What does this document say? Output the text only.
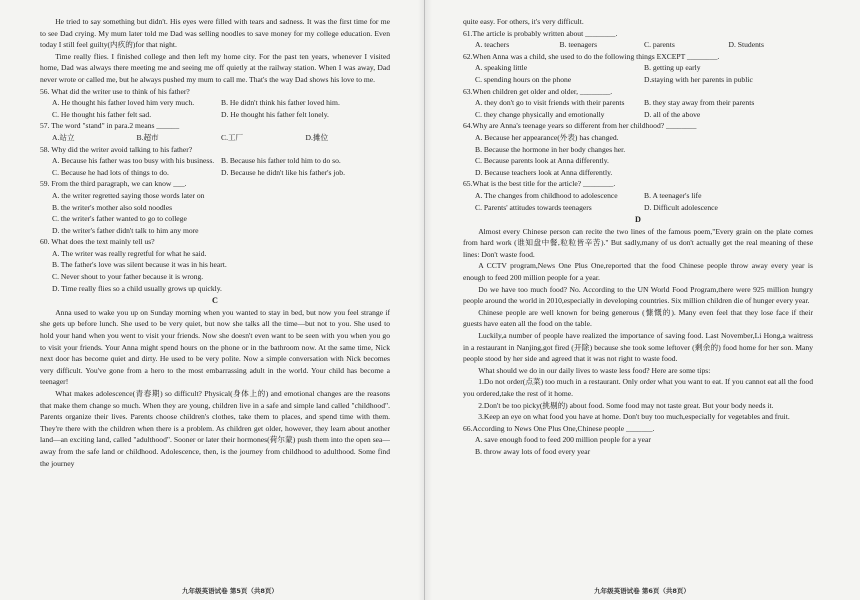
He tried to say something but didn't. His eyes were filled with tears and sadness. It was the first time for me to see Dad crying. My mum later told me Dad was selling noodles to save money for my college education. Even today I still feel guilty(内疚的)for that night.

Time really flies. I finished college and then left my home city. For the past ten years, whenever I visited home, Dad was always there meeting me and seeing me off quietly at the railway station. When I was away, Dad never wrote or called me, but he always pushed my mum to call me. That's the way Dad shows his love to me.

56. What did the writer use to think of his father?

A. He thought his father loved him very much.	B. He didn't think his father loved him.
C. He thought his father felt sad.	D. He thought his father felt lonely.

57. The word "stand" in para.2 means ______

A.站立	B.超市	C.工厂	D.摊位

58. Why did the writer avoid talking to his father?

A. Because his father was too busy with his business. B. Because his father told him to do so.
C. Because he had lots of things to do.	D. Because he didn't like his father's job.

59. From the third paragraph, we can know ___.

A. the writer regretted saying those words later on
B. the writer's mother also sold noodles
C. the writer's father wanted to go to college
D. the writer's father didn't talk to him any more

60. What does the text mainly tell us?

A. The writer was really regretful for what he said.
B. The father's love was silent because it was in his heart.
C. Never shout to your father because it is wrong.
D. Time really flies so a child usually grows up quickly.
C

Anna used to wake you up on Sunday morning when you wanted to stay in bed, but now you feel strange if she gets up before lunch. She used to be very quiet, but now she talks all the time—but not to you. She used to hold your hand when you went to visit your friends. Now she doesn't even want to be seen with you when you go to visit your friends. Your Anna might spend hours on the phone or in the bathroom now. At the same time, Nick next door has become quiet and dirty. He used to be very polite. Now a simple conversation with Nick becomes very difficult. You've gone from a hero to the most embarrassing adult in the world. Your child has become a teenager!

What makes adolescence(青春期) so difficult? Physical(身体上的) and emotional changes are the reasons that make them change so much. When they are young, children live in a safe and simple land called "childhood". Parents organize their lives. Parents choose children's clothes, take them to places, and spend time with them. They're there with the children when there is a problem. As children get older, however, they learn about another land—an exciting land, called "adulthood". Sooner or later their hormones(荷尔蒙) push them into the open sea—away from the safe land or childhood. Adolescence, then, is the journey from childhood to adulthood. Some find the journey

quite easy. For others, it's very difficult.

61.The article is probably written about ________.

A. teachers	B. teenagers	C. parents	D. Students

62.When Anna was a child, she used to do the following things EXCEPT ________.

A. speaking little	B. getting up early
C. spending hours on the phone	D.staying with her parents in public

63.When children get older and older, ________.

A. they don't go to visit friends with their parents	B. they stay away from their parents
C. they change physically and emotionally	D. all of the above

64.Why are Anna's teenage years so different from her childhood? ________

A. Because her appearance(外表) has changed.
B. Because the hormone in her body changes her.
C. Because parents look at Anna differently.
D. Because teachers look at Anna differently.

65.What is the best title for the article? ________.

A. The changes from childhood to adolescence	B. A teenager's life
C. Parents' attitudes towards teenagers	D. Difficult adolescence
D

Almost every Chinese person can recite the two lines of the famous poem,"Every grain on the plate comes from hard work (谁知盘中餐,粒粒皆辛苦)." But sadly,many of us don't actually get the real meaning of these lines: Don't waste food.

A CCTV program,News One Plus One,reported that the food Chinese people throw away every year is enough to feed 200 million people for a year.

Do we have too much food? No. According to the UN World Food Program,there were 925 million hungry people around the world in 2010,especially in developing countries. Six million children die of hunger every year.

Chinese people are well known for being generous (慷慨的). Many even feel that they lose face if their guests have eaten all the food on the table.

Luckily,a number of people have realized the importance of saving food. Last November,Li Hong,a waitress in a restaurant in Nanjing,got fired (开除) because she took some leftover (剩余的) food home for her son. Many people stood by her side and agreed that it was not right to waste food.

What should we do in our daily lives to waste less food? Here are some tips:

1.Do not order(点菜) too much in a restaurant. Only order what you want to eat. If you cannot eat all the food you ordered,take the rest of it home.

2.Don't be too picky(挑剔的) about food. Some food may not taste great. But your body needs it.

3.Keep an eye on what food you have at home. Don't buy too much,especially for vegetables and fruit.

66.According to News One Plus One,Chinese people _______.

A. save enough food to feed 200 million people for a year
B. throw away lots of food every year
九年级英语试卷 第5页（共8页）	九年级英语试卷 第6页（共8页）
